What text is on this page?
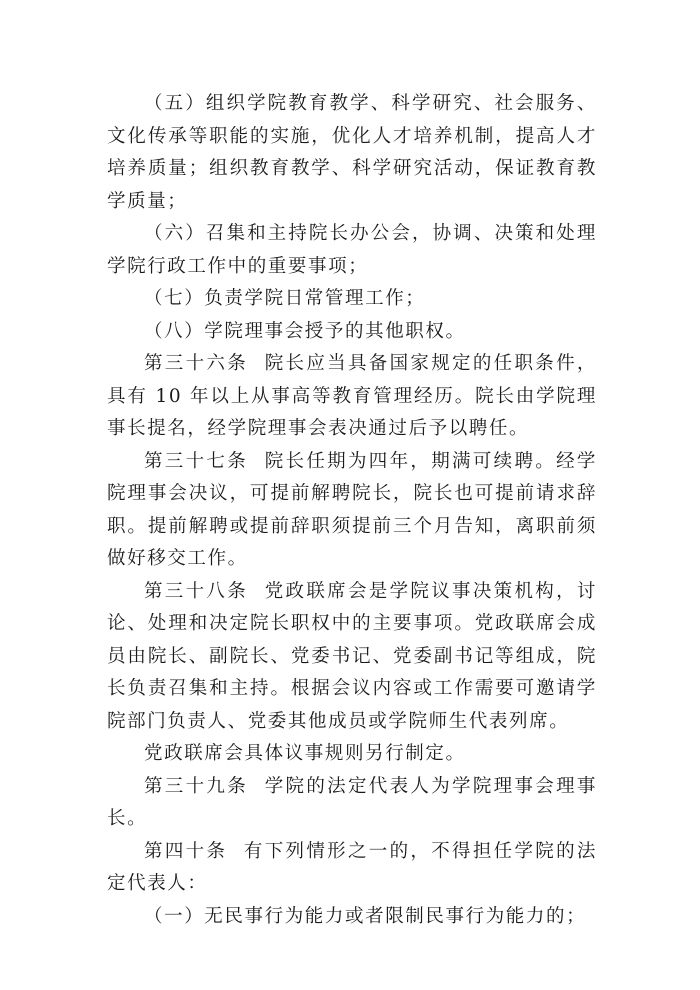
（五）组织学院教育教学、科学研究、社会服务、文化传承等职能的实施，优化人才培养机制，提高人才培养质量；组织教育教学、科学研究活动，保证教育教学质量；

（六）召集和主持院长办公会，协调、决策和处理学院行政工作中的重要事项；

（七）负责学院日常管理工作；

（八）学院理事会授予的其他职权。

第三十六条 院长应当具备国家规定的任职条件，具有 10 年以上从事高等教育管理经历。院长由学院理事长提名，经学院理事会表决通过后予以聘任。

第三十七条 院长任期为四年，期满可续聘。经学院理事会决议，可提前解聘院长，院长也可提前请求辞职。提前解聘或提前辞职须提前三个月告知，离职前须做好移交工作。

第三十八条 党政联席会是学院议事决策机构，讨论、处理和决定院长职权中的主要事项。党政联席会成员由院长、副院长、党委书记、党委副书记等组成，院长负责召集和主持。根据会议内容或工作需要可邀请学院部门负责人、党委其他成员或学院师生代表列席。

党政联席会具体议事规则另行制定。

第三十九条 学院的法定代表人为学院理事会理事长。

第四十条 有下列情形之一的，不得担任学院的法定代表人：

（一）无民事行为能力或者限制民事行为能力的；
